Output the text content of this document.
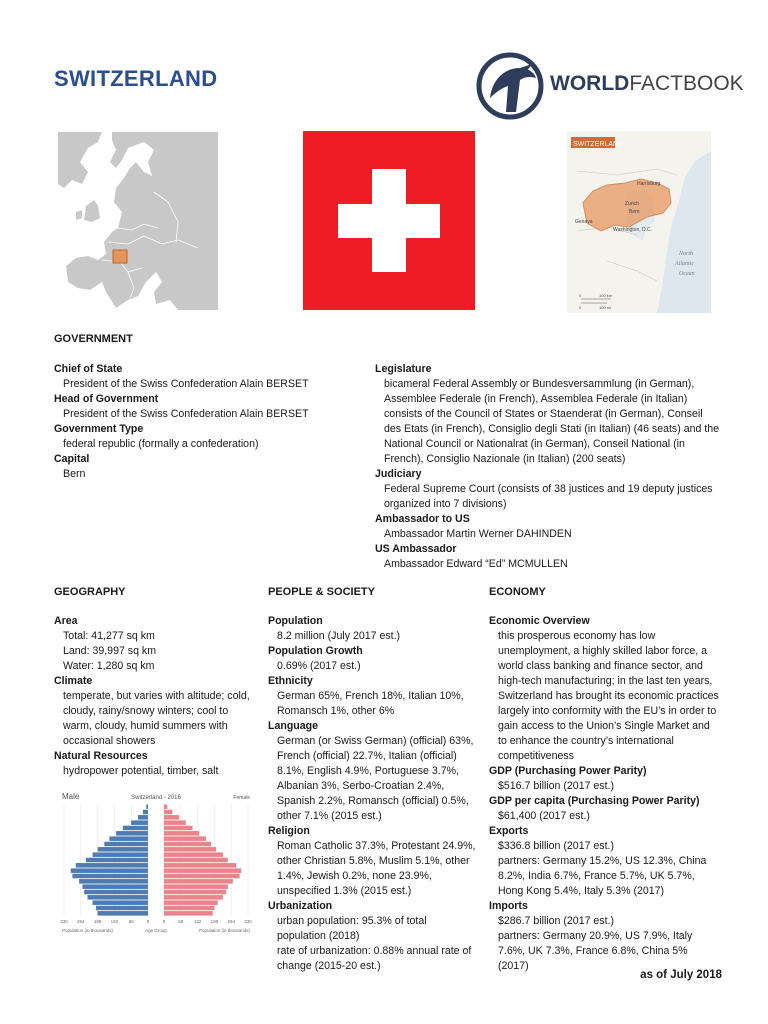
SWITZERLAND	WORLDFACTBOOK
SWITZERLAND
Harrisburg
Zurich
Bern
Geneva
Washington, D.C.
North
Atlantic
Ocean
0	100 km
0	100 mi
GOVERNMENT
Chief of State
President of the Swiss Confederation Alain BERSET
Head of Government
President of the Swiss Confederation Alain BERSET
Government Type
federal republic (formally a confederation)
Capital
Bern
Legislature
bicameral Federal Assembly or Bundesversammlung (in German),
Assemblee Federale (in French), Assemblea Federale (in Italian)
consists of the Council of States or Staenderat (in German), Conseil
des Etats (in French), Consiglio degli Stati (in Italian) (46 seats) and the
National Council or Nationalrat (in German), Conseil National (in
French), Consiglio Nazionale (in Italian) (200 seats)
Judiciary
Federal Supreme Court (consists of 38 justices and 19 deputy justices
organized into 7 divisions)
Ambassador to US
Ambassador Martin Werner DAHINDEN
US Ambassador
Ambassador Edward “Ed” MCMULLEN
GEOGRAPHY
Area
Total: 41,277 sq km
Land: 39,997 sq km
Water: 1,280 sq km
Climate
temperate, but varies with altitude; cold,
cloudy, rainy/snowy winters; cool to
warm, cloudy, humid summers with
occasional showers
Natural Resources
hydropower potential, timber, salt
Male	Switzerland - 2016	Female
330 264 198 132 66	0	0	66 132 198 264 330
Population (in thousands)	Age Group	Population (in thousands)
PEOPLE & SOCIETY
Population
8.2 million (July 2017 est.)
Population Growth
0.69% (2017 est.)
Ethnicity
German 65%, French 18%, Italian 10%,
Romansch 1%, other 6%
Language
German (or Swiss German) (official) 63%,
French (official) 22.7%, Italian (official)
8.1%, English 4.9%, Portuguese 3.7%,
Albanian 3%, Serbo-Croatian 2.4%,
Spanish 2.2%, Romansch (official) 0.5%,
other 7.1% (2015 est.)
Religion
Roman Catholic 37.3%, Protestant 24.9%,
other Christian 5.8%, Muslim 5.1%, other
1.4%, Jewish 0.2%, none 23.9%,
unspecified 1.3% (2015 est.)
Urbanization
urban population: 95.3% of total
population (2018)
rate of urbanization: 0.88% annual rate of
change (2015-20 est.)
ECONOMY
Economic Overview
this prosperous economy has low
unemployment, a highly skilled labor force, a
world class banking and finance sector, and
high-tech manufacturing; in the last ten years,
Switzerland has brought its economic practices
largely into conformity with the EU’s in order to
gain access to the Union’s Single Market and
to enhance the country’s international
competitiveness
GDP (Purchasing Power Parity)
$516.7 billion (2017 est.)
GDP per capita (Purchasing Power Parity)
$61,400 (2017 est.)
Exports
$336.8 billion (2017 est.)
partners: Germany 15.2%, US 12.3%, China
8.2%, India 6.7%, France 5.7%, UK 5.7%,
Hong Kong 5.4%, Italy 5.3% (2017)
Imports
$286.7 billion (2017 est.)
partners: Germany 20.9%, US 7.9%, Italy
7.6%, UK 7.3%, France 6.8%, China 5%
(2017)
as of July 2018
